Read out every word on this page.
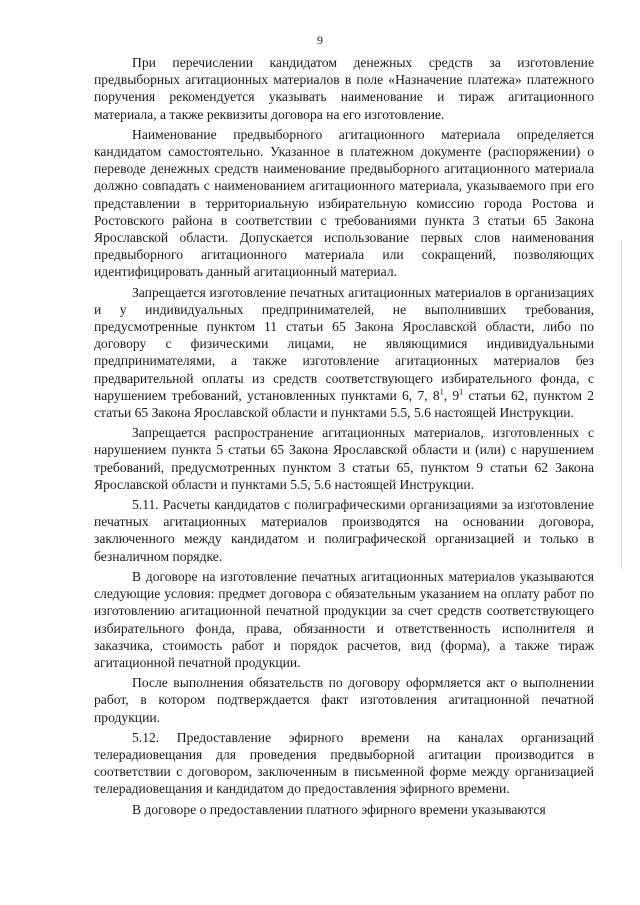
9

При перечислении кандидатом денежных средств за изготовление предвыборных агитационных материалов в поле «Назначение платежа» платежного поручения рекомендуется указывать наименование и тираж агитационного материала, а также реквизиты договора на его изготовление.

Наименование предвыборного агитационного материала определяется кандидатом самостоятельно. Указанное в платежном документе (распоряжении) о переводе денежных средств наименование предвыборного агитационного материала должно совпадать с наименованием агитационного материала, указываемого при его представлении в территориальную избирательную комиссию города Ростова и Ростовского района в соответствии с требованиями пункта 3 статьи 65 Закона Ярославской области. Допускается использование первых слов наименования предвыборного агитационного материала или сокращений, позволяющих идентифицировать данный агитационный материал.

Запрещается изготовление печатных агитационных материалов в организациях и у индивидуальных предпринимателей, не выполнивших требования, предусмотренные пунктом 11 статьи 65 Закона Ярославской области, либо по договору с физическими лицами, не являющимися индивидуальными предпринимателями, а также изготовление агитационных материалов без предварительной оплаты из средств соответствующего избирательного фонда, с нарушением требований, установленных пунктами 6, 7, $8^1$, $9^1$ статьи 62, пунктом 2 статьи 65 Закона Ярославской области и пунктами 5.5, 5.6 настоящей Инструкции.

Запрещается распространение агитационных материалов, изготовленных с нарушением пункта 5 статьи 65 Закона Ярославской области и (или) с нарушением требований, предусмотренных пунктом 3 статьи 65, пунктом 9 статьи 62 Закона Ярославской области и пунктами 5.5, 5.6 настоящей Инструкции.

5.11. Расчеты кандидатов с полиграфическими организациями за изготовление печатных агитационных материалов производятся на основании договора, заключенного между кандидатом и полиграфической организацией и только в безналичном порядке.

В договоре на изготовление печатных агитационных материалов указываются следующие условия: предмет договора с обязательным указанием на оплату работ по изготовлению агитационной печатной продукции за счет средств соответствующего избирательного фонда, права, обязанности и ответственность исполнителя и заказчика, стоимость работ и порядок расчетов, вид (форма), а также тираж агитационной печатной продукции.

После выполнения обязательств по договору оформляется акт о выполнении работ, в котором подтверждается факт изготовления агитационной печатной продукции.

5.12. Предоставление эфирного времени на каналах организаций телерадиовещания для проведения предвыборной агитации производится в соответствии с договором, заключенным в письменной форме между организацией телерадиовещания и кандидатом до предоставления эфирного времени.

В договоре о предоставлении платного эфирного времени указываются
